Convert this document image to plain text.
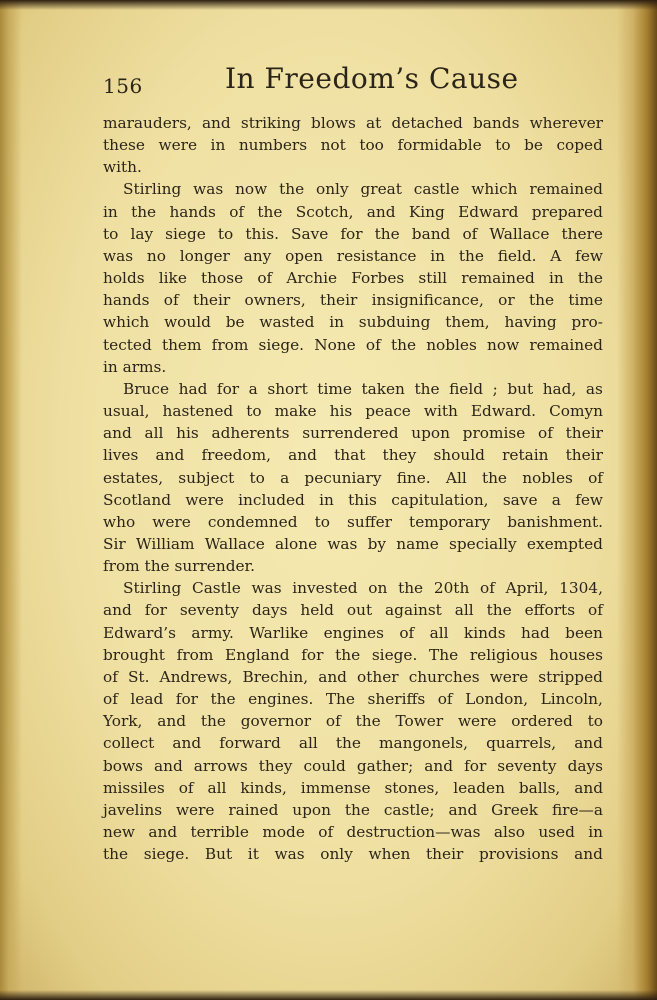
156	In Freedom’s Cause
marauders, and striking blows at detached bands wherever
these were in numbers not too formidable to be coped
with.
Stirling was now the only great castle which remained
in the hands of the Scotch, and King Edward prepared
to lay siege to this. Save for the band of Wallace there
was no longer any open resistance in the field. A few
holds like those of Archie Forbes still remained in the
hands of their owners, their insignificance, or the time
which would be wasted in subduing them, having pro-
tected them from siege. None of the nobles now remained
in arms.
Bruce had for a short time taken the field ; but had, as
usual, hastened to make his peace with Edward. Comyn
and all his adherents surrendered upon promise of their
lives and freedom, and that they should retain their
estates, subject to a pecuniary fine. All the nobles of
Scotland were included in this capitulation, save a few
who were condemned to suffer temporary banishment.
Sir William Wallace alone was by name specially exempted
from the surrender.
Stirling Castle was invested on the 20th of April, 1304,
and for seventy days held out against all the efforts of
Edward’s army. Warlike engines of all kinds had been
brought from England for the siege. The religious houses
of St. Andrews, Brechin, and other churches were stripped
of lead for the engines. The sheriffs of London, Lincoln,
York, and the governor of the Tower were ordered to
collect and forward all the mangonels, quarrels, and
bows and arrows they could gather; and for seventy days
missiles of all kinds, immense stones, leaden balls, and
javelins were rained upon the castle; and Greek fire—a
new and terrible mode of destruction—was also used in
the siege. But it was only when their provisions and
